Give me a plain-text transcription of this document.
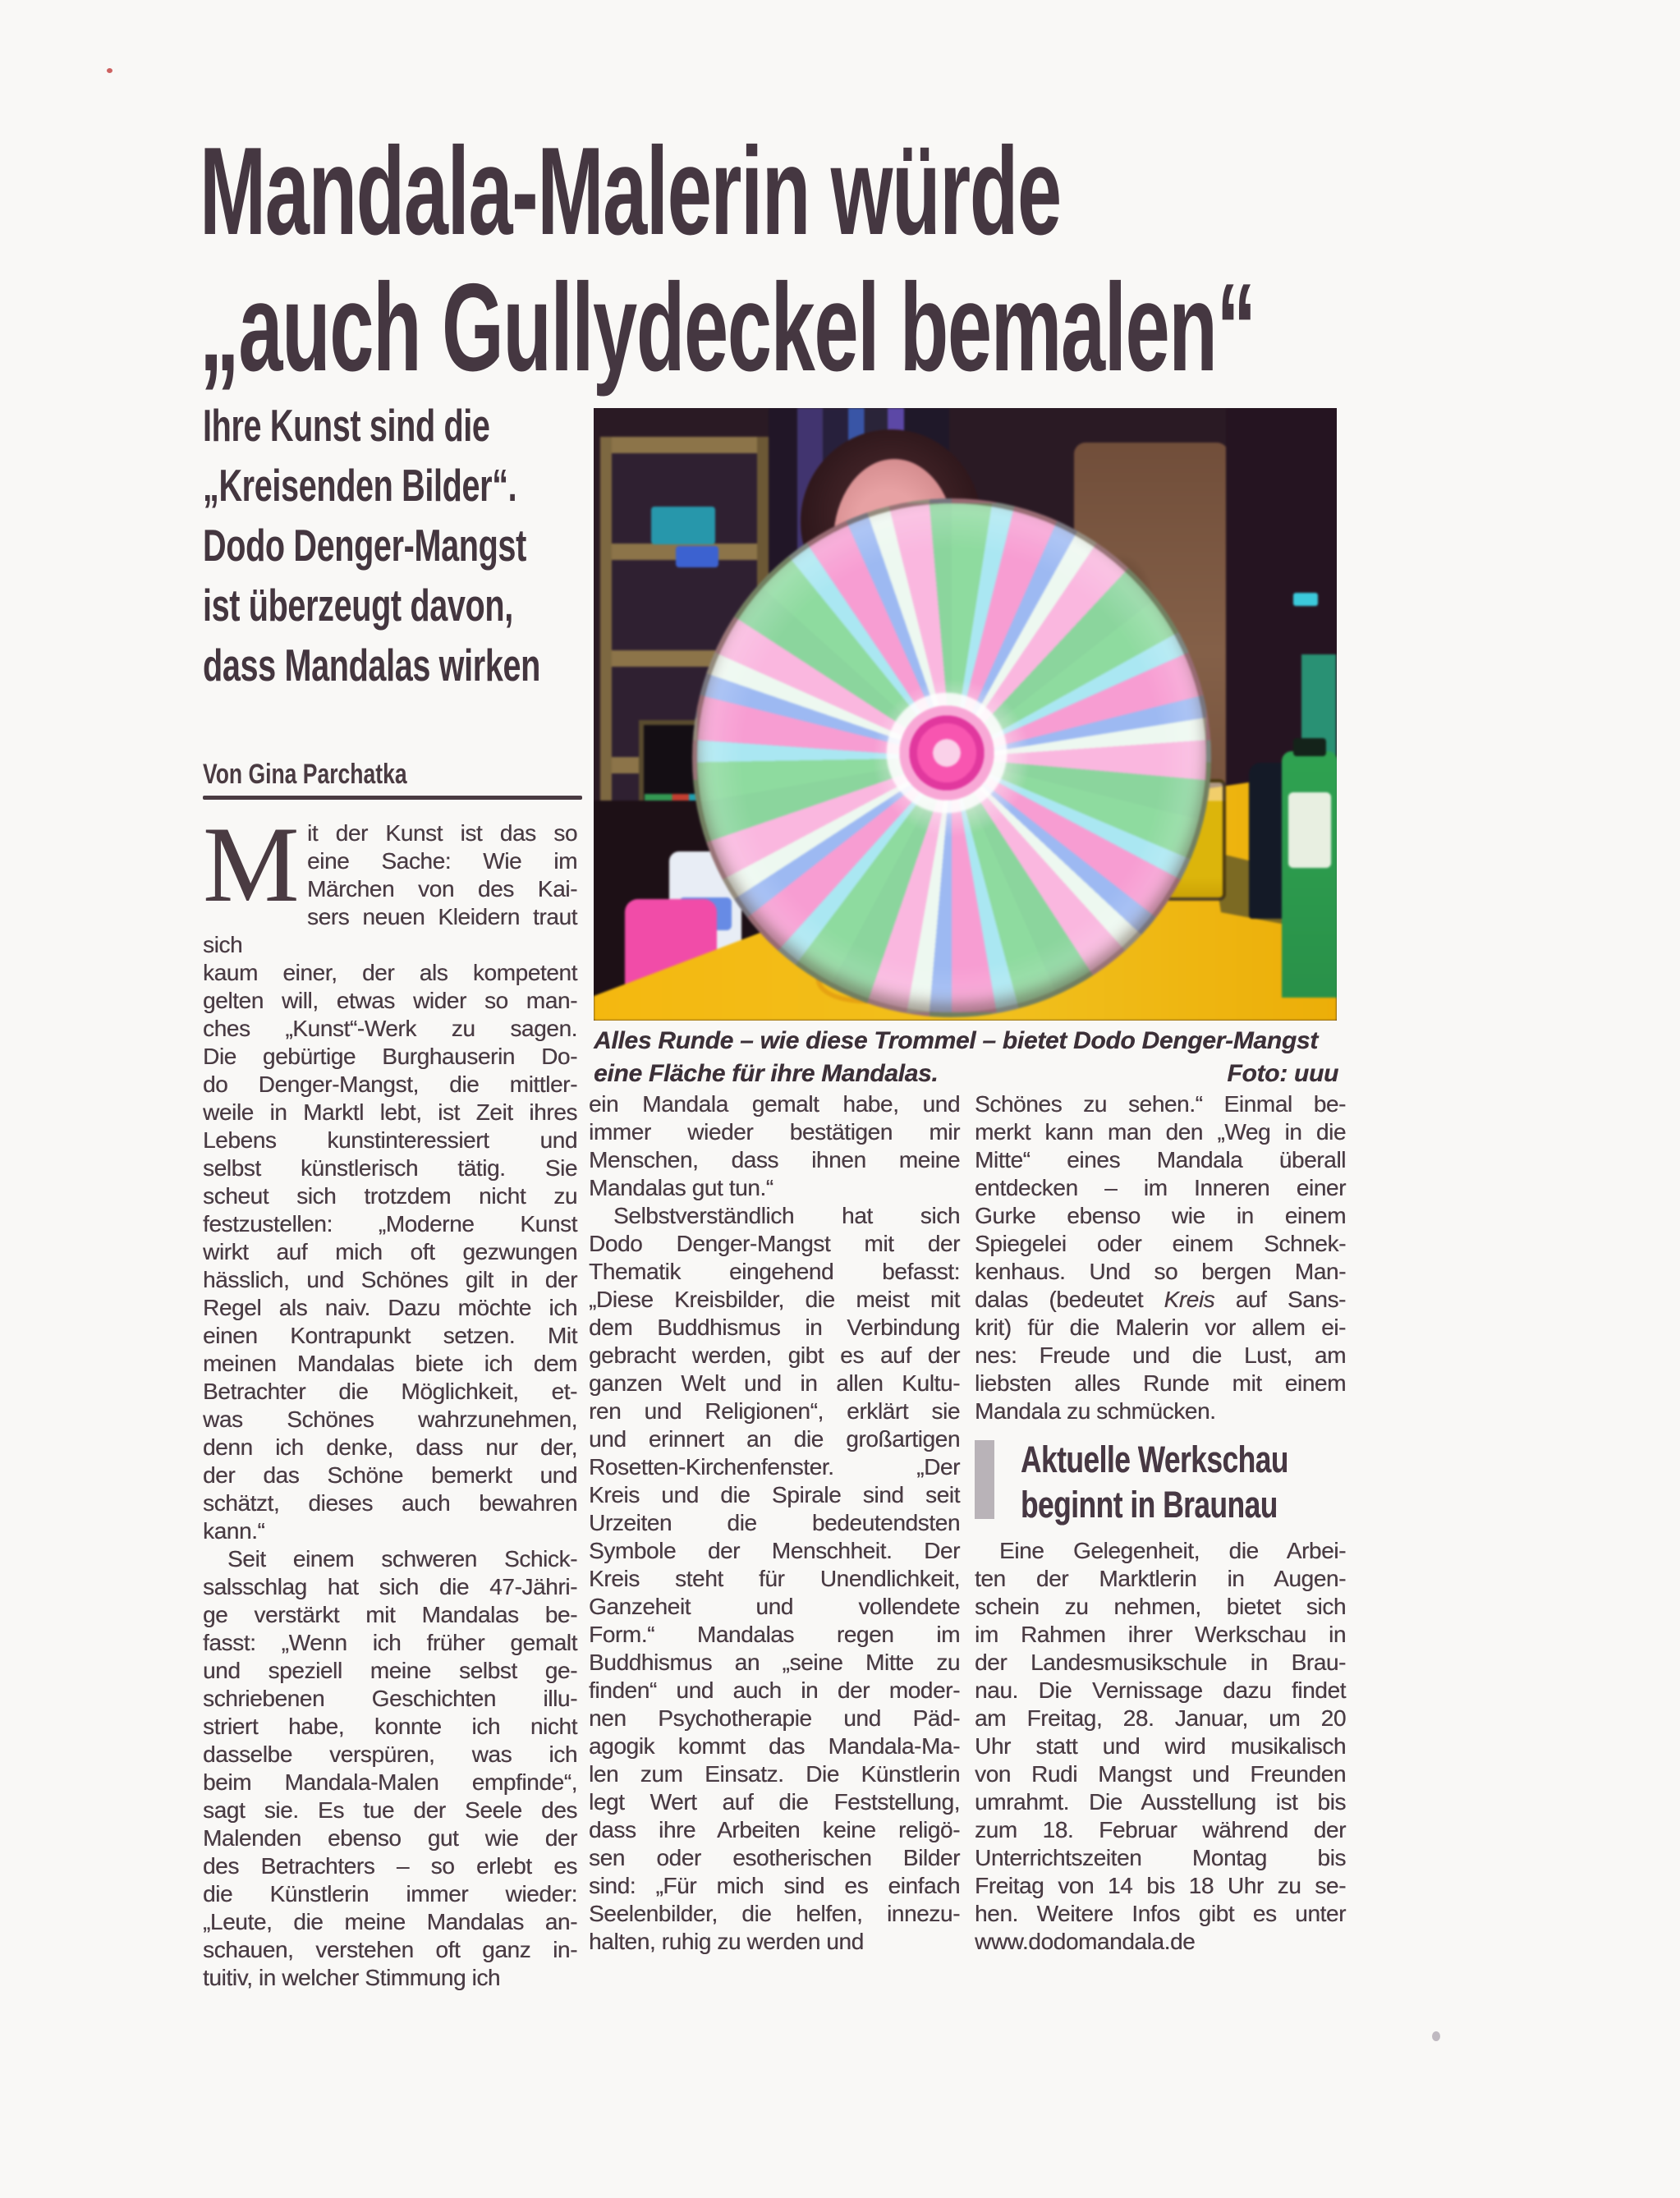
Mandala-Malerin würde
„auch Gullydeckel bemalen“
Ihre Kunst sind die
„Kreisenden Bilder“.
Dodo Denger-Mangst
ist überzeugt davon,
dass Mandalas wirken
Von Gina Parchatka
Alles Runde – wie diese Trommel – bietet Dodo Denger-Mangst
eine Fläche für ihre Mandalas.	Foto: uuu
M it der Kunst ist das so
eine Sache: Wie im
Märchen von des Kai-
sers neuen Kleidern traut sich
kaum einer, der als kompetent
gelten will, etwas wider so man-
ches „Kunst“-Werk zu sagen.
Die gebürtige Burghauserin Do-
do Denger-Mangst, die mittler-
weile in Marktl lebt, ist Zeit ihres
Lebens kunstinteressiert und
selbst künstlerisch tätig. Sie
scheut sich trotzdem nicht zu
festzustellen: „Moderne Kunst
wirkt auf mich oft gezwungen
hässlich, und Schönes gilt in der
Regel als naiv. Dazu möchte ich
einen Kontrapunkt setzen. Mit
meinen Mandalas biete ich dem
Betrachter die Möglichkeit, et-
was Schönes wahrzunehmen,
denn ich denke, dass nur der,
der das Schöne bemerkt und
schätzt, dieses auch bewahren
kann.“
Seit einem schweren Schick-
salsschlag hat sich die 47-Jähri-
ge verstärkt mit Mandalas be-
fasst: „Wenn ich früher gemalt
und speziell meine selbst ge-
schriebenen Geschichten illu-
striert habe, konnte ich nicht
dasselbe verspüren, was ich
beim Mandala-Malen empfinde“,
sagt sie. Es tue der Seele des
Malenden ebenso gut wie der
des Betrachters – so erlebt es
die Künstlerin immer wieder:
„Leute, die meine Mandalas an-
schauen, verstehen oft ganz in-
tuitiv, in welcher Stimmung ich
ein Mandala gemalt habe, und
immer wieder bestätigen mir
Menschen, dass ihnen meine
Mandalas gut tun.“
Selbstverständlich hat sich
Dodo Denger-Mangst mit der
Thematik eingehend befasst:
„Diese Kreisbilder, die meist mit
dem Buddhismus in Verbindung
gebracht werden, gibt es auf der
ganzen Welt und in allen Kultu-
ren und Religionen“, erklärt sie
und erinnert an die großartigen
Rosetten-Kirchenfenster. „Der
Kreis und die Spirale sind seit
Urzeiten die bedeutendsten
Symbole der Menschheit. Der
Kreis steht für Unendlichkeit,
Ganzeheit und vollendete
Form.“ Mandalas regen im
Buddhismus an „seine Mitte zu
finden“ und auch in der moder-
nen Psychotherapie und Päd-
agogik kommt das Mandala-Ma-
len zum Einsatz. Die Künstlerin
legt Wert auf die Feststellung,
dass ihre Arbeiten keine religö-
sen oder esotherischen Bilder
sind: „Für mich sind es einfach
Seelenbilder, die helfen, innezu-
halten, ruhig zu werden und
Schönes zu sehen.“ Einmal be-
merkt kann man den „Weg in die
Mitte“ eines Mandala überall
entdecken – im Inneren einer
Gurke ebenso wie in einem
Spiegelei oder einem Schnek-
kenhaus. Und so bergen Man-
dalas (bedeutet Kreis auf Sans-
krit) für die Malerin vor allem ei-
nes: Freude und die Lust, am
liebsten alles Runde mit einem
Mandala zu schmücken.
Aktuelle Werkschau
beginnt in Braunau
Eine Gelegenheit, die Arbei-
ten der Marktlerin in Augen-
schein zu nehmen, bietet sich
im Rahmen ihrer Werkschau in
der Landesmusikschule in Brau-
nau. Die Vernissage dazu findet
am Freitag, 28. Januar, um 20
Uhr statt und wird musikalisch
von Rudi Mangst und Freunden
umrahmt. Die Ausstellung ist bis
zum 18. Februar während der
Unterrichtszeiten Montag bis
Freitag von 14 bis 18 Uhr zu se-
hen. Weitere Infos gibt es unter
www.dodomandala.de
